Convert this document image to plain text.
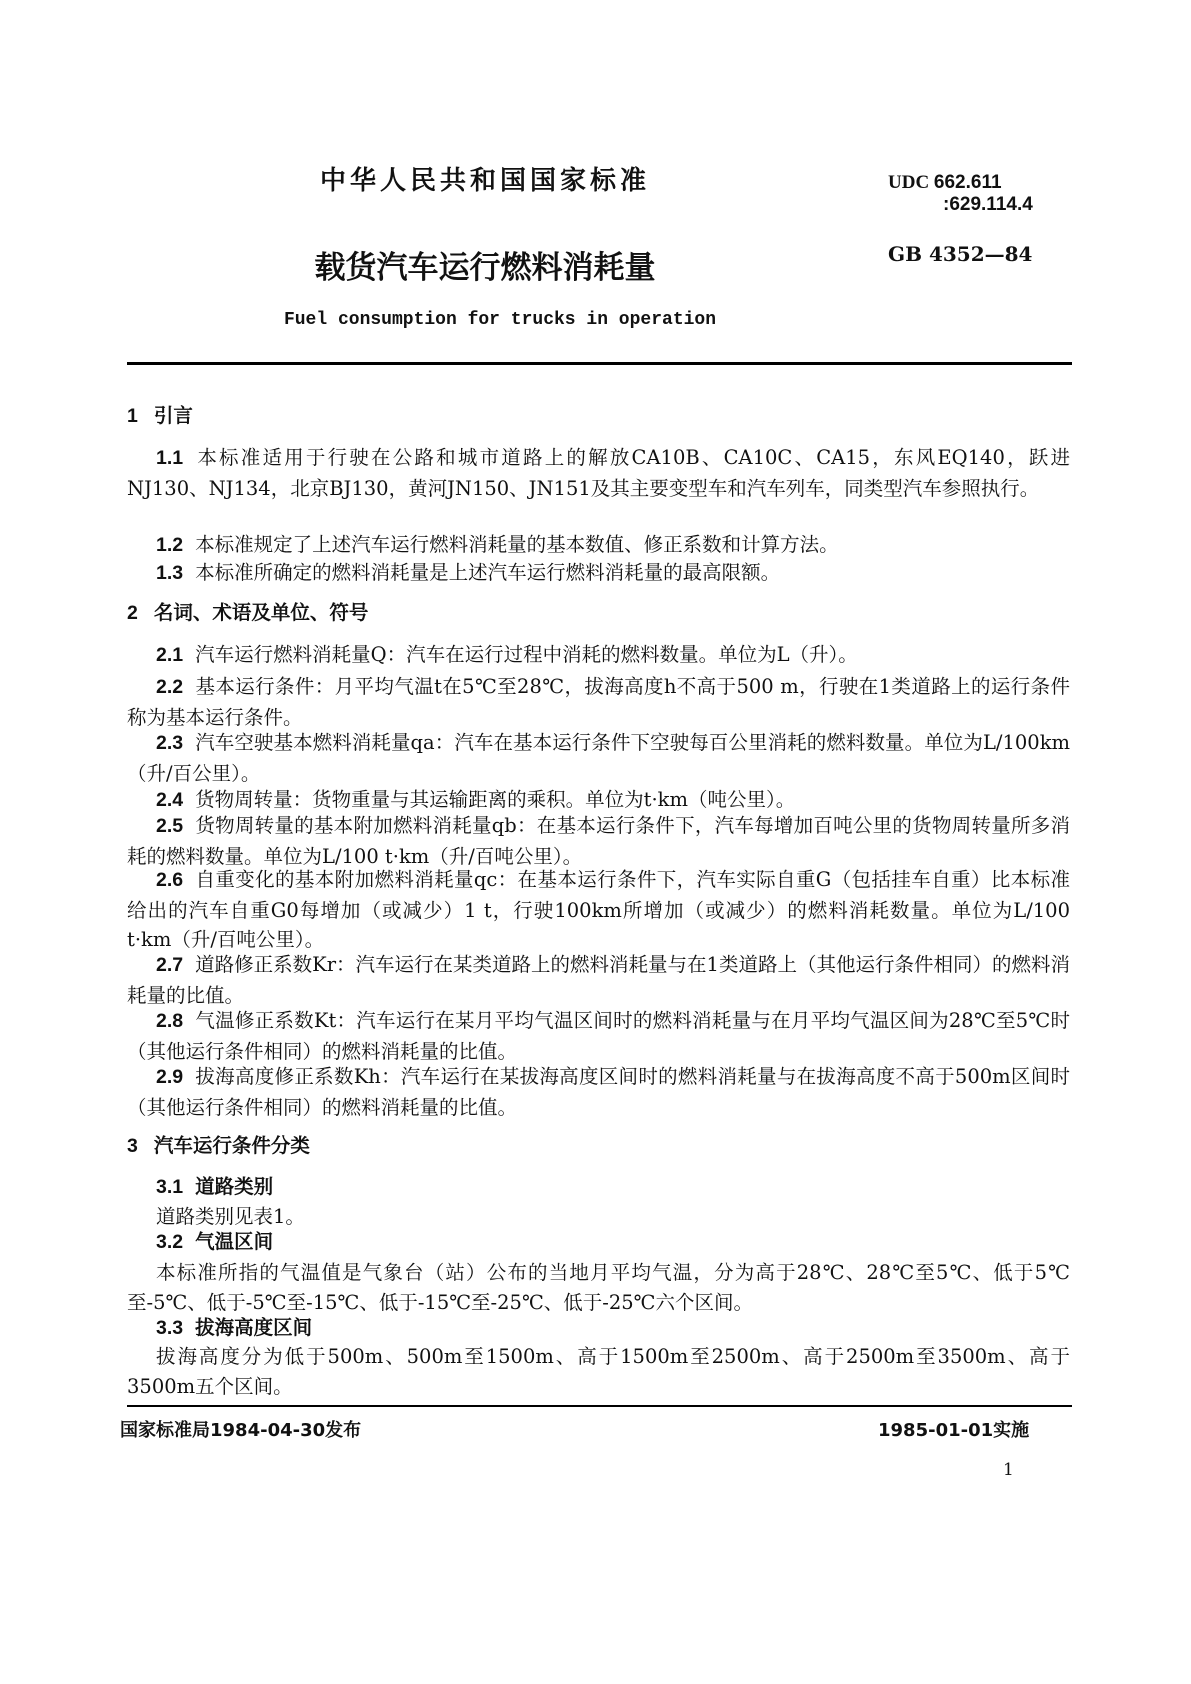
中华人民共和国国家标准	UDC 662.611
:629.114.4
载货汽车运行燃料消耗量	GB 4352—84
Fuel consumption for trucks in operation
1 引言
1.1 本标准适用于行驶在公路和城市道路上的解放CA10B、CA10C、CA15，东风EQ140，跃进NJ130、NJ134，北京BJ130，黄河JN150、JN151及其主要变型车和汽车列车，同类型汽车参照执行。
1.2 本标准规定了上述汽车运行燃料消耗量的基本数值、修正系数和计算方法。
1.3 本标准所确定的燃料消耗量是上述汽车运行燃料消耗量的最高限额。
2 名词、术语及单位、符号
2.1 汽车运行燃料消耗量Q：汽车在运行过程中消耗的燃料数量。单位为L（升）。
2.2 基本运行条件：月平均气温t在5℃至28℃，拔海高度h不高于500 m，行驶在1类道路上的运行条件称为基本运行条件。
2.3 汽车空驶基本燃料消耗量qa：汽车在基本运行条件下空驶每百公里消耗的燃料数量。单位为L/100km（升/百公里）。
2.4 货物周转量：货物重量与其运输距离的乘积。单位为t·km（吨公里）。
2.5 货物周转量的基本附加燃料消耗量qb：在基本运行条件下，汽车每增加百吨公里的货物周转量所多消耗的燃料数量。单位为L/100 t·km（升/百吨公里）。
2.6 自重变化的基本附加燃料消耗量qc：在基本运行条件下，汽车实际自重G（包括挂车自重）比本标准给出的汽车自重G0每增加（或减少）1 t，行驶100km所增加（或减少）的燃料消耗数量。单位为L/100 t·km（升/百吨公里）。
2.7 道路修正系数Kr：汽车运行在某类道路上的燃料消耗量与在1类道路上（其他运行条件相同）的燃料消耗量的比值。
2.8 气温修正系数Kt：汽车运行在某月平均气温区间时的燃料消耗量与在月平均气温区间为28℃至5℃时（其他运行条件相同）的燃料消耗量的比值。
2.9 拔海高度修正系数Kh：汽车运行在某拔海高度区间时的燃料消耗量与在拔海高度不高于500m区间时（其他运行条件相同）的燃料消耗量的比值。
3 汽车运行条件分类
3.1 道路类别
道路类别见表1。
3.2 气温区间
本标准所指的气温值是气象台（站）公布的当地月平均气温，分为高于28℃、28℃至5℃、低于5℃至-5℃、低于-5℃至-15℃、低于-15℃至-25℃、低于-25℃六个区间。
3.3 拔海高度区间
拔海高度分为低于500m、500m至1500m、高于1500m至2500m、高于2500m至3500m、高于3500m五个区间。
国家标准局1984-04-30发布	1985-01-01实施
1
